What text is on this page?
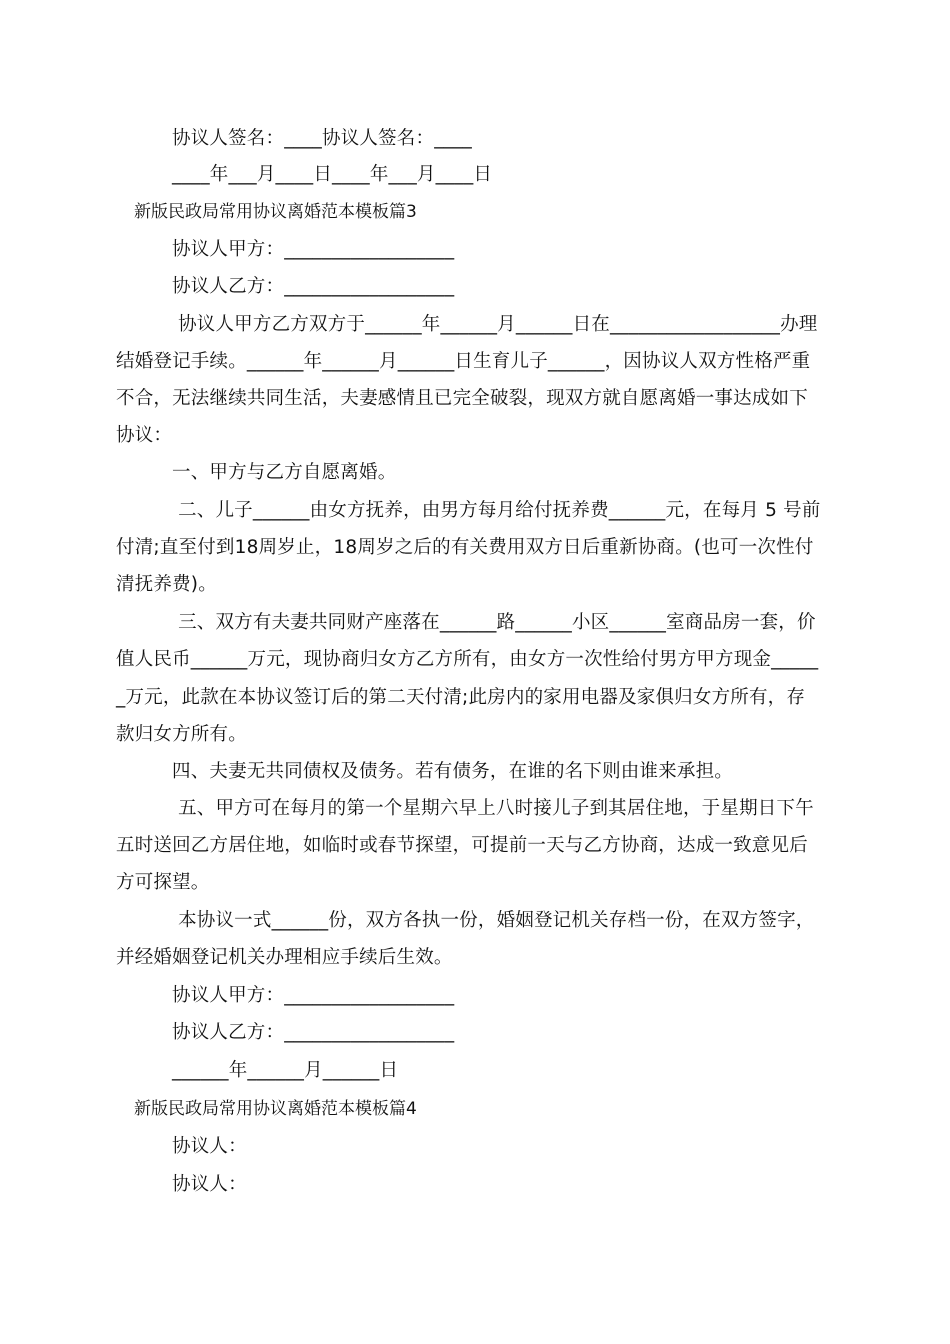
协议人签名：____协议人签名：____
____年___月____日____年___月____日
新版民政局常用协议离婚范本模板篇3
协议人甲方：__________________
协议人乙方：__________________
协议人甲方乙方双方于______年______月______日在__________________办理
结婚登记手续。______年______月______日生育儿子______，因协议人双方性格严重
不合，无法继续共同生活，夫妻感情且已完全破裂，现双方就自愿离婚一事达成如下
协议：
一、甲方与乙方自愿离婚。
二、儿子______由女方抚养，由男方每月给付抚养费______元，在每月 5 号前
付清;直至付到18周岁止，18周岁之后的有关费用双方日后重新协商。(也可一次性付
清抚养费)。
三、双方有夫妻共同财产座落在______路______小区______室商品房一套，价
值人民币______万元，现协商归女方乙方所有，由女方一次性给付男方甲方现金_____
_万元，此款在本协议签订后的第二天付清;此房内的家用电器及家俱归女方所有，存
款归女方所有。
四、夫妻无共同债权及债务。若有债务，在谁的名下则由谁来承担。
五、甲方可在每月的第一个星期六早上八时接儿子到其居住地，于星期日下午
五时送回乙方居住地，如临时或春节探望，可提前一天与乙方协商，达成一致意见后
方可探望。
本协议一式______份，双方各执一份，婚姻登记机关存档一份，在双方签字，
并经婚姻登记机关办理相应手续后生效。
协议人甲方：__________________
协议人乙方：__________________
______年______月______日
新版民政局常用协议离婚范本模板篇4
协议人：
协议人：
